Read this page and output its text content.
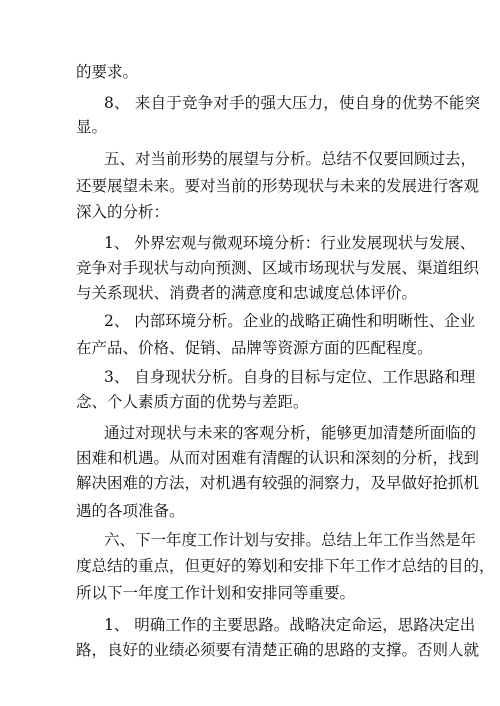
的要求。
8、 来自于竞争对手的强大压力，使自身的优势不能突
显。
五、对当前形势的展望与分析。总结不仅要回顾过去，
还要展望未来。要对当前的形势现状与未来的发展进行客观
深入的分析：
1、 外界宏观与微观环境分析：行业发展现状与发展、
竞争对手现状与动向预测、区域市场现状与发展、渠道组织
与关系现状、消费者的满意度和忠诚度总体评价。
2、 内部环境分析。企业的战略正确性和明晰性、企业
在产品、价格、促销、品牌等资源方面的匹配程度。
3、 自身现状分析。自身的目标与定位、工作思路和理
念、个人素质方面的优势与差距。
通过对现状与未来的客观分析，能够更加清楚所面临的
困难和机遇。从而对困难有清醒的认识和深刻的分析，找到
解决困难的方法，对机遇有较强的洞察力，及早做好抢抓机
遇的各项准备。
六、下一年度工作计划与安排。总结上年工作当然是年
度总结的重点，但更好的筹划和安排下年工作才总结的目的，
所以下一年度工作计划和安排同等重要。
1、 明确工作的主要思路。战略决定命运，思路决定出
路，良好的业绩必须要有清楚正确的思路的支撑。否则人就
